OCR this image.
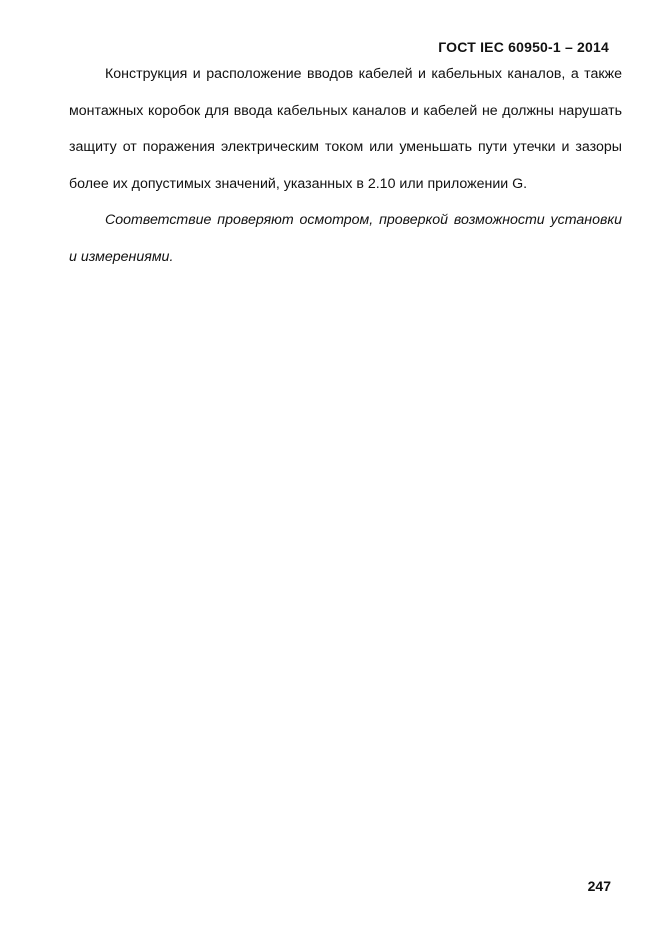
ГОСТ IEC 60950-1 – 2014

Конструкция и расположение вводов кабелей и кабельных каналов, а также монтажных коробок для ввода кабельных каналов и кабелей не должны нарушать защиту от поражения электрическим током или уменьшать пути утечки и зазоры более их допустимых значений, указанных в 2.10 или приложении G.

Соответствие проверяют осмотром, проверкой возможности установки и измерениями.

247
